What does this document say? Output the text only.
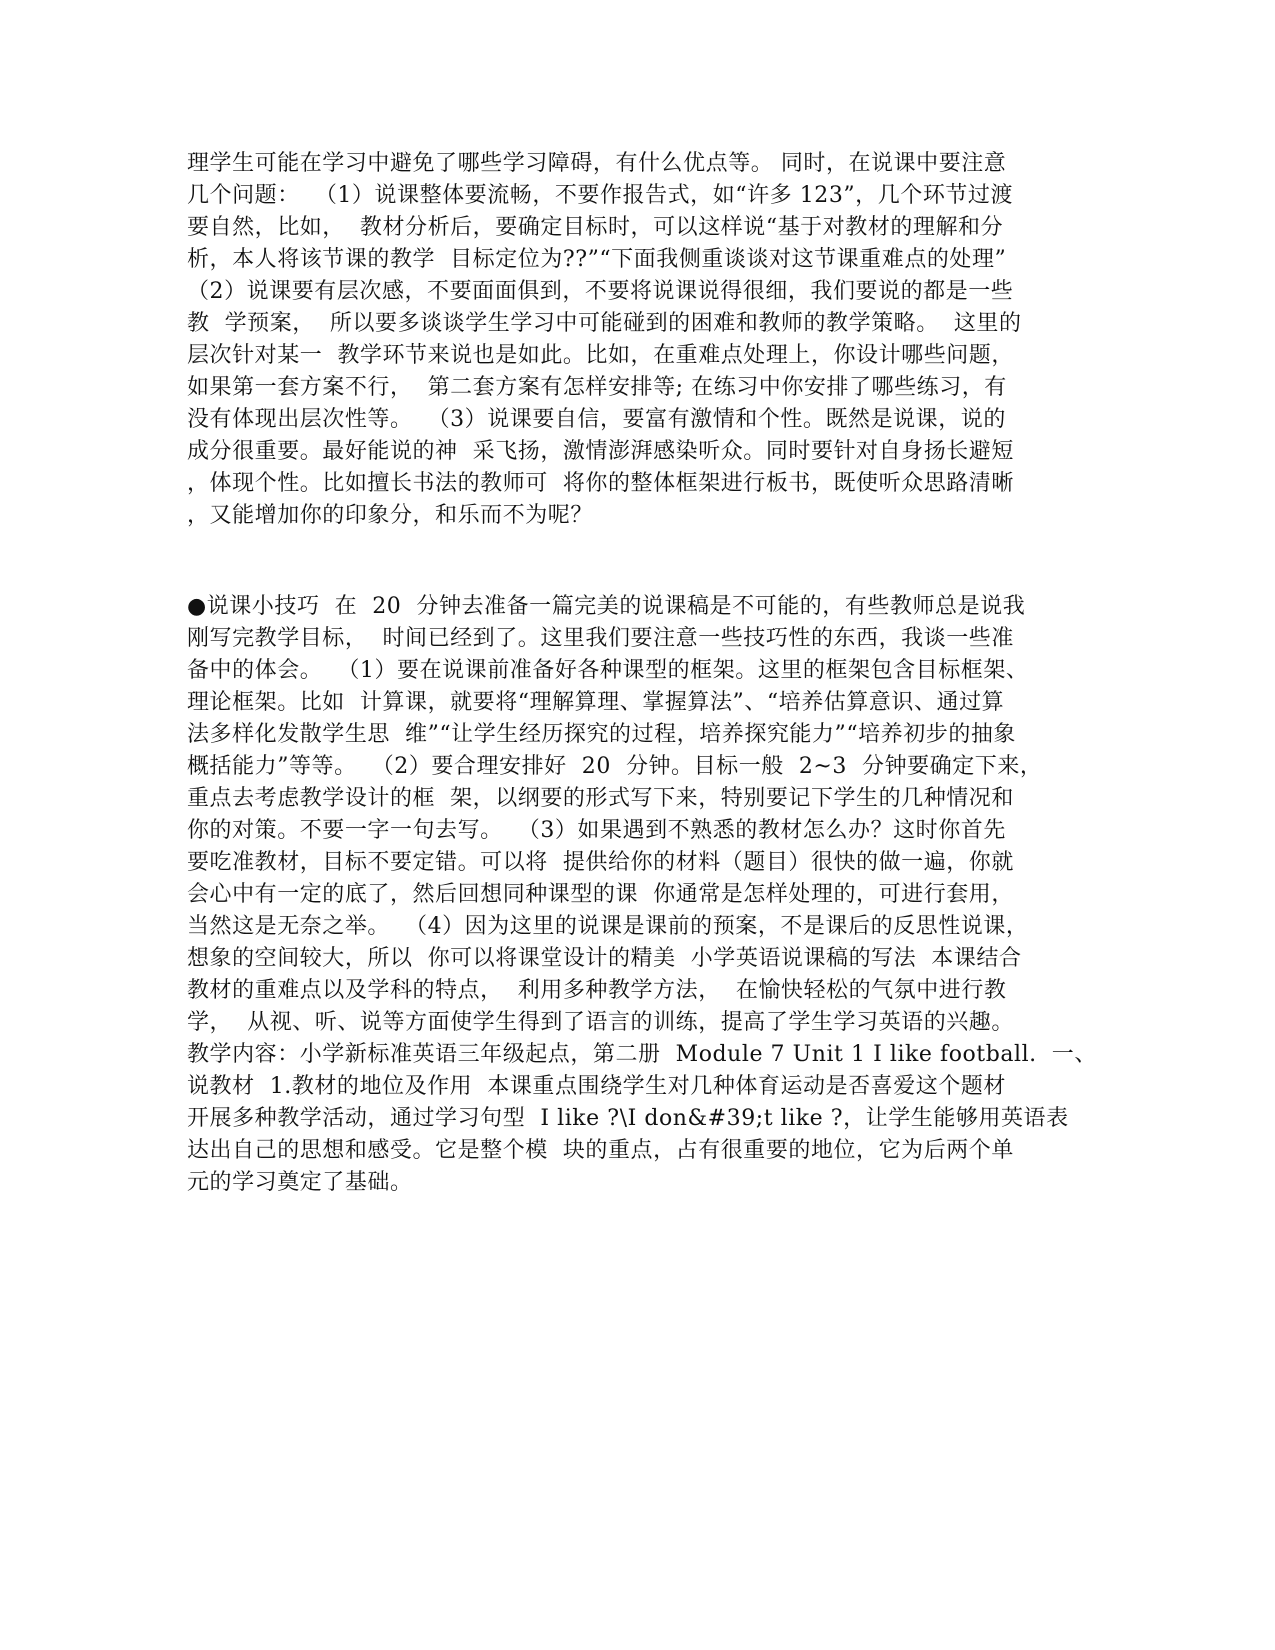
理学生可能在学习中避免了哪些学习障碍，有什么优点等。 同时，在说课中要注意

几个问题：  （1）说课整体要流畅，不要作报告式，如“许多 123”，几个环节过渡

要自然，比如，  教材分析后，要确定目标时，可以这样说“基于对教材的理解和分

析，本人将该节课的教学  目标定位为??”“下面我侧重谈谈对这节课重难点的处理”

（2）说课要有层次感，不要面面俱到，不要将说课说得很细，我们要说的都是一些

教  学预案，  所以要多谈谈学生学习中可能碰到的困难和教师的教学策略。  这里的

层次针对某一  教学环节来说也是如此。比如，在重难点处理上，你设计哪些问题，

如果第一套方案不行，  第二套方案有怎样安排等; 在练习中你安排了哪些练习，有

没有体现出层次性等。  （3）说课要自信，要富有激情和个性。既然是说课，说的

成分很重要。最好能说的神  采飞扬，激情澎湃感染听众。同时要针对自身扬长避短

，体现个性。比如擅长书法的教师可  将你的整体框架进行板书，既使听众思路清晰

，又能增加你的印象分，和乐而不为呢？

●说课小技巧  在  20  分钟去准备一篇完美的说课稿是不可能的，有些教师总是说我

刚写完教学目标，  时间已经到了。这里我们要注意一些技巧性的东西，我谈一些准

备中的体会。  （1）要在说课前准备好各种课型的框架。这里的框架包含目标框架、

理论框架。比如  计算课，就要将“理解算理、掌握算法”、“培养估算意识、通过算

法多样化发散学生思  维”“让学生经历探究的过程，培养探究能力”“培养初步的抽象

概括能力”等等。  （2）要合理安排好  20  分钟。目标一般  2~3  分钟要确定下来，

重点去考虑教学设计的框  架，以纲要的形式写下来，特别要记下学生的几种情况和

你的对策。不要一字一句去写。  （3）如果遇到不熟悉的教材怎么办？这时你首先

要吃准教材，目标不要定错。可以将  提供给你的材料（题目）很快的做一遍，你就

会心中有一定的底了，然后回想同种课型的课  你通常是怎样处理的，可进行套用，

当然这是无奈之举。  （4）因为这里的说课是课前的预案，不是课后的反思性说课，

想象的空间较大，所以  你可以将课堂设计的精美  小学英语说课稿的写法  本课结合

教材的重难点以及学科的特点，  利用多种教学方法，  在愉快轻松的气氛中进行教

学，  从视、听、说等方面使学生得到了语言的训练，提高了学生学习英语的兴趣。

教学内容：小学新标准英语三年级起点，第二册  Module 7 Unit 1 I like football.  一、

说教材  1.教材的地位及作用  本课重点围绕学生对几种体育运动是否喜爱这个题材

开展多种教学活动，通过学习句型  I like ?\I don&#39;t like ?，让学生能够用英语表

达出自己的思想和感受。它是整个模  块的重点，占有很重要的地位，它为后两个单

元的学习奠定了基础。
